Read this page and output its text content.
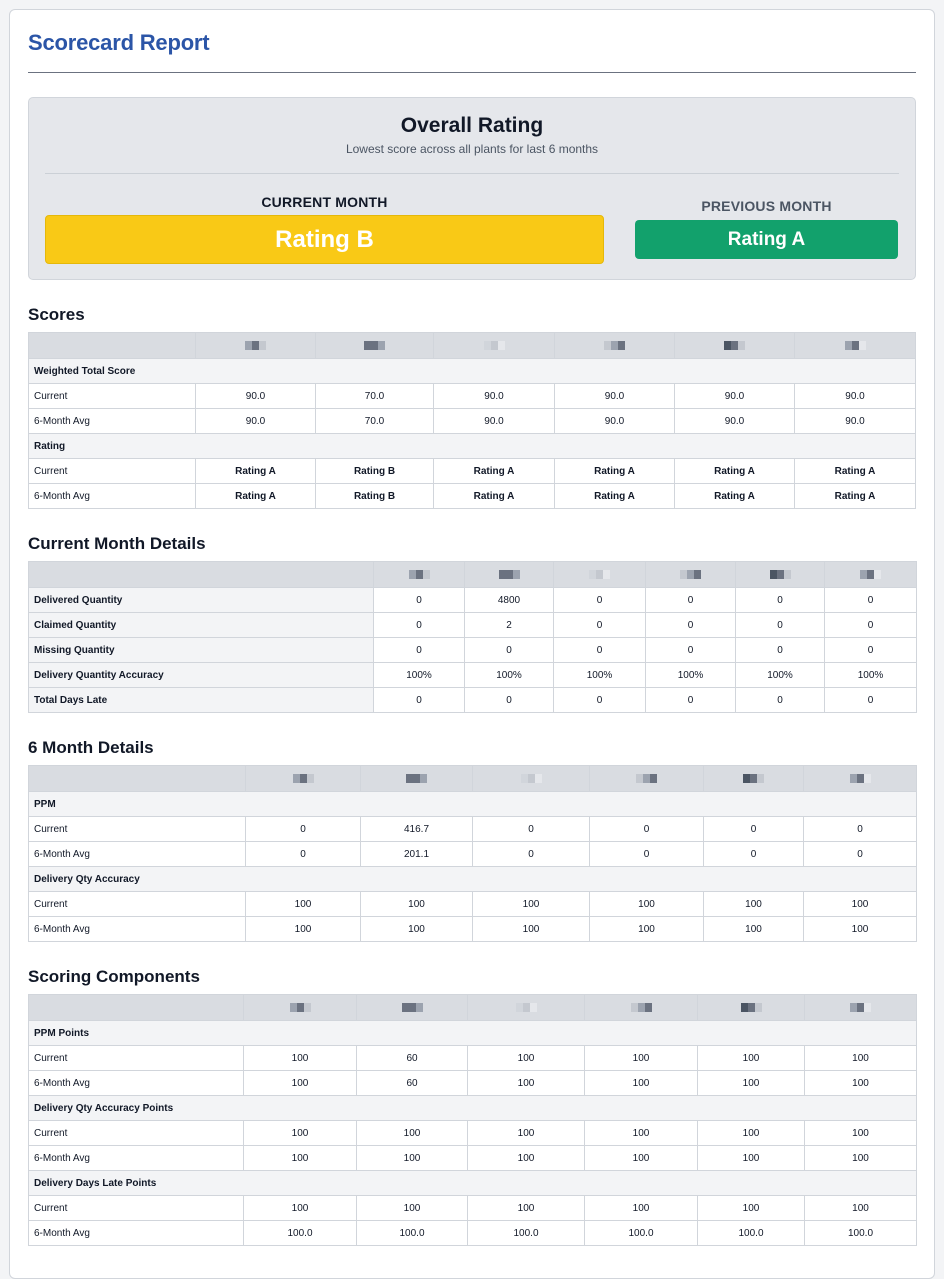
Scorecard Report
Overall Rating
Lowest score across all plants for last 6 months
CURRENT MONTH
Rating B
PREVIOUS MONTH
Rating A
Scores

Weighted Total Score						
Current	90.0	70.0	90.0	90.0	90.0	90.0
6-Month Avg	90.0	70.0	90.0	90.0	90.0	90.0
Rating						
Current	Rating A	Rating B	Rating A	Rating A	Rating A	Rating A
6-Month Avg	Rating A	Rating B	Rating A	Rating A	Rating A	Rating A
Current Month Details

Delivered Quantity	0	4800	0	0	0	0
Claimed Quantity	0	2	0	0	0	0
Missing Quantity	0	0	0	0	0	0
Delivery Quantity Accuracy	100%	100%	100%	100%	100%	100%
Total Days Late	0	0	0	0	0	0
6 Month Details

PPM						
Current	0	416.7	0	0	0	0
6-Month Avg	0	201.1	0	0	0	0
Delivery Qty Accuracy						
Current	100	100	100	100	100	100
6-Month Avg	100	100	100	100	100	100
Scoring Components

PPM Points						
Current	100	60	100	100	100	100
6-Month Avg	100	60	100	100	100	100
Delivery Qty Accuracy Points						
Current	100	100	100	100	100	100
6-Month Avg	100	100	100	100	100	100
Delivery Days Late Points						
Current	100	100	100	100	100	100
6-Month Avg	100.0	100.0	100.0	100.0	100.0	100.0
